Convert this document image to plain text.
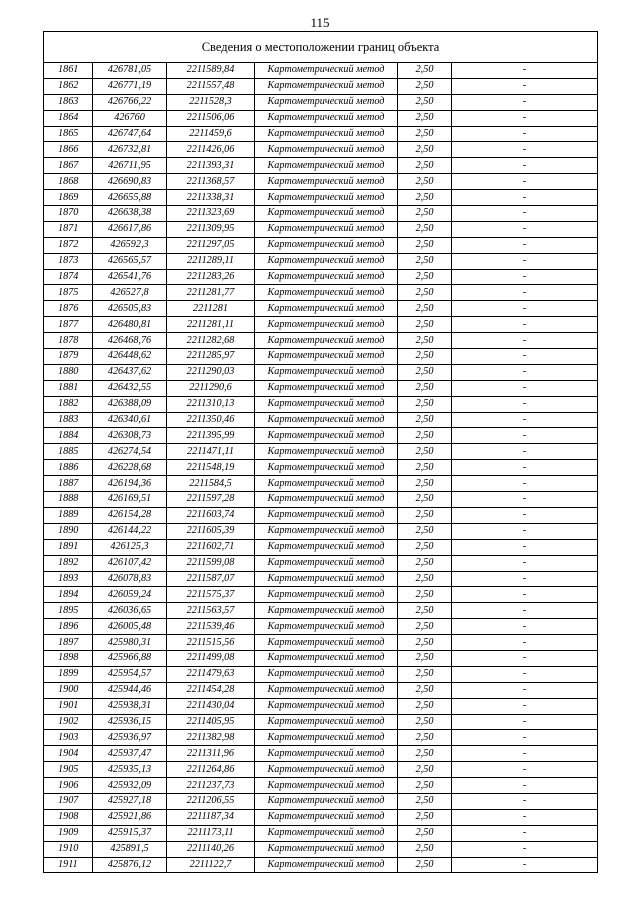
115
Сведения о местоположении границ объекта					
1861	426781,05	2211589,84	Картометрический метод	2,50	-
1862	426771,19	2211557,48	Картометрический метод	2,50	-
1863	426766,22	2211528,3	Картометрический метод	2,50	-
1864	426760	2211506,06	Картометрический метод	2,50	-
1865	426747,64	2211459,6	Картометрический метод	2,50	-
1866	426732,81	2211426,06	Картометрический метод	2,50	-
1867	426711,95	2211393,31	Картометрический метод	2,50	-
1868	426690,83	2211368,57	Картометрический метод	2,50	-
1869	426655,88	2211338,31	Картометрический метод	2,50	-
1870	426638,38	2211323,69	Картометрический метод	2,50	-
1871	426617,86	2211309,95	Картометрический метод	2,50	-
1872	426592,3	2211297,05	Картометрический метод	2,50	-
1873	426565,57	2211289,11	Картометрический метод	2,50	-
1874	426541,76	2211283,26	Картометрический метод	2,50	-
1875	426527,8	2211281,77	Картометрический метод	2,50	-
1876	426505,83	2211281	Картометрический метод	2,50	-
1877	426480,81	2211281,11	Картометрический метод	2,50	-
1878	426468,76	2211282,68	Картометрический метод	2,50	-
1879	426448,62	2211285,97	Картометрический метод	2,50	-
1880	426437,62	2211290,03	Картометрический метод	2,50	-
1881	426432,55	2211290,6	Картометрический метод	2,50	-
1882	426388,09	2211310,13	Картометрический метод	2,50	-
1883	426340,61	2211350,46	Картометрический метод	2,50	-
1884	426308,73	2211395,99	Картометрический метод	2,50	-
1885	426274,54	2211471,11	Картометрический метод	2,50	-
1886	426228,68	2211548,19	Картометрический метод	2,50	-
1887	426194,36	2211584,5	Картометрический метод	2,50	-
1888	426169,51	2211597,28	Картометрический метод	2,50	-
1889	426154,28	2211603,74	Картометрический метод	2,50	-
1890	426144,22	2211605,39	Картометрический метод	2,50	-
1891	426125,3	2211602,71	Картометрический метод	2,50	-
1892	426107,42	2211599,08	Картометрический метод	2,50	-
1893	426078,83	2211587,07	Картометрический метод	2,50	-
1894	426059,24	2211575,37	Картометрический метод	2,50	-
1895	426036,65	2211563,57	Картометрический метод	2,50	-
1896	426005,48	2211539,46	Картометрический метод	2,50	-
1897	425980,31	2211515,56	Картометрический метод	2,50	-
1898	425966,88	2211499,08	Картометрический метод	2,50	-
1899	425954,57	2211479,63	Картометрический метод	2,50	-
1900	425944,46	2211454,28	Картометрический метод	2,50	-
1901	425938,31	2211430,04	Картометрический метод	2,50	-
1902	425936,15	2211405,95	Картометрический метод	2,50	-
1903	425936,97	2211382,98	Картометрический метод	2,50	-
1904	425937,47	2211311,96	Картометрический метод	2,50	-
1905	425935,13	2211264,86	Картометрический метод	2,50	-
1906	425932,09	2211237,73	Картометрический метод	2,50	-
1907	425927,18	2211206,55	Картометрический метод	2,50	-
1908	425921,86	2211187,34	Картометрический метод	2,50	-
1909	425915,37	2211173,11	Картометрический метод	2,50	-
1910	425891,5	2211140,26	Картометрический метод	2,50	-
1911	425876,12	2211122,7	Картометрический метод	2,50	-
